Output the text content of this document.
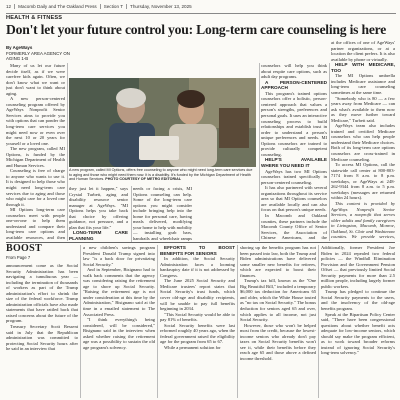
12 Macomb Daily and The Oakland Press Section T Thursday, November 13, 2025
HEALTH & FITNESS
Don't let your future control you: Long-term care counseling is here
By AgeWays
FORMERLY AREA AGENCY ON
AGING 1-B

Many of us let our future decide itself, as if we were carefree kids again. Often, we don't know what we want or just don't want to think about aging.

A new person-centered counseling program offered by AgeWays Nonprofit Senior Services aims to provide you with options that can ponder the long-term care services you might need now or even over the next 10 or 20 years for yourself or a loved one.

The new program, called MI Options, is funded by the Michigan Department of Health and Human Services.

Counseling is free of charge to anyone who wants to use it. It is designed to help those who might need long-term care services due to aging and those who might care for a loved one through it.

MI Options long-term care counselors meet with people one-on-one to help them understand and compare their long-term care options and available resources, and then

A new program, called MI Options, offers free counseling to anyone who might need long-term care services due to aging and those who might need them now. It is a disability. It's funded by the Michigan Department of Health and Human Services. PHOTO COURTESY OF METRO EDITORIAL

they just let it happen," says Crystal Turbett, aging and disability resource senior manager at AgeWays. "MI Options helps you take back that choice by offering guidance, not pressure, and a plan that fits your life."

LONG-TERM CARE PLANNING

needs or facing a crisis, MI Options counseling can help. Some of the long-term care options you might consider include bringing help into the home for personal care, having meals delivered, modifying your home to help with mobility — installing grab bars, handrails and wheelchair ramps

counselors will help you think about respite care options, such as adult day programs.

A PERSON-CENTERED APPROACH

This program's trained options counselors offer a holistic, person-centered approach that values a person's strengths, preferences and personal goals. It uses an interactive counseling process to build relationships and establish trust in order to understand a person's unique preferences and needs. MI Options counselors are trained to provide culturally competent counseling.

HELP'S AVAILABLE WHERE YOU NEED IT

AgeWays has two MI Options counselors trained specifically in person-centered counseling.

It has also partnered with several organizations throughout its service area so that MI Options counselors are available locally and can also focus on that person's unique needs.

In Macomb and Oakland counties, these partners include the Macomb County Office of Senior Services, the Association of Chinese Americans, and the

at the offices of one of AgeWays' partner organizations, or at a location the client prefers. It is also available by phone or virtually.

HELP WITH MEDICARE, TOO

The MI Options umbrella includes Medicare assistance and long-term care counseling sometimes at the same time.

"Somebody who is 80 — a few years away from Medicare — can ask what's available to them now as they move further toward Medicare," Turbett said.

AgeWays team also includes trained and certified Medicare counselors who can help people understand their Medicare choices. Both of its long-term care options counselors are cross-trained in Medicare counseling.

To access MI Options, call the statewide call center at 800-803-7174 from 8 a.m. to 8 p.m. weekdays, or AgeWays at 248-262-9344 from 8 a.m. to 5 p.m. weekdays (messages are returned within 24 hours).

This content is provided by AgeWays Nonprofit Senior Services, a nonprofit that serves older adults and family caregivers in Livingston, Macomb, Monroe, Oakland, St. Clair and Washtenaw counties. We provide services,

BOOST
From Page 7

announcement come as the Social Security Administration has been navigating a tumultuous year — including the termination of thousands of workers as part of the Trump administration's effort to shrink the size of the federal workforce. Trump administration officials have also made statements that have rattled back that raised concerns about the future of the program.

Treasury Secretary Scott Bessent said in July that the Republican administration was committed to protecting Social Security hours after he said in an interview that

a new children's savings program President Donald Trump signed into law "is a back door for privatizing Social Security."

And in September, Bisignano had to walk back comments that the agency was considering raising the retirement age to shore up Social Security. "Raising the retirement age is not under consideration at this time by the Administration," Bisignano said at the time in a emailed statement to The Associated Press.

"I think everything's being considered, will be considered," Bisignano said in the interview when asked whether raising the retirement age was a possibility to sustain the old age program's solvency.

EFFORTS TO BOOST BENEFITS FOR SENIORS

In addition, the Social Security Administration faces a looming bankruptcy date if it is not addressed by Congress.

The June 2025 Social Security and Medicare trustees' report states that Social Security's trust funds, which cover old-age and disability recipients, will be unable to pay full benefits beginning in 2034.

"This Social Security would be able to pay 81% of benefits.

Social Security benefits were last reformed roughly 40 years ago, when the federal government raised the eligibility age for the program from 65 to 67.

While a permanent solution for

shoring up the benefits program has not been passed into law, both the Trump and Biden administrations have delivered some smaller new benefits for retirees, which are expected to boost their finances.

Trump's tax bill, known as the "One Big Beautiful Bill," included a temporary $6,000 tax deduction for Americans 65 and older, which the White House touted as "no tax on Social Security." The bonus deduction for seniors aged 65 and over, which applies to all income, not just Social Security.

However, those who won't be helped most from the credit, because the lowest-income seniors who already don't pay taxes on Social Security benefits won't see it, while their benefits before they reach age 65 and those above a defined income threshold.

Additionally, former President Joe Biden in 2024 repealed two federal policies — the Windfall Elimination Provision and the Government Pension Offset — that previously limited Social Security payments for more than 2.5 million people, including largely former public workers.

Trump has pledged to continue the Social Security payments to the users, and the insolvency of the old-age benefits program.

Speak at the Bipartisan Policy Center said, "There have been congressional questions about whether benefit acts adequate for low-income seniors, which should say make the program efficient, as to work toward broader reforms instead of ignoring Social Security's long-term solvency."
